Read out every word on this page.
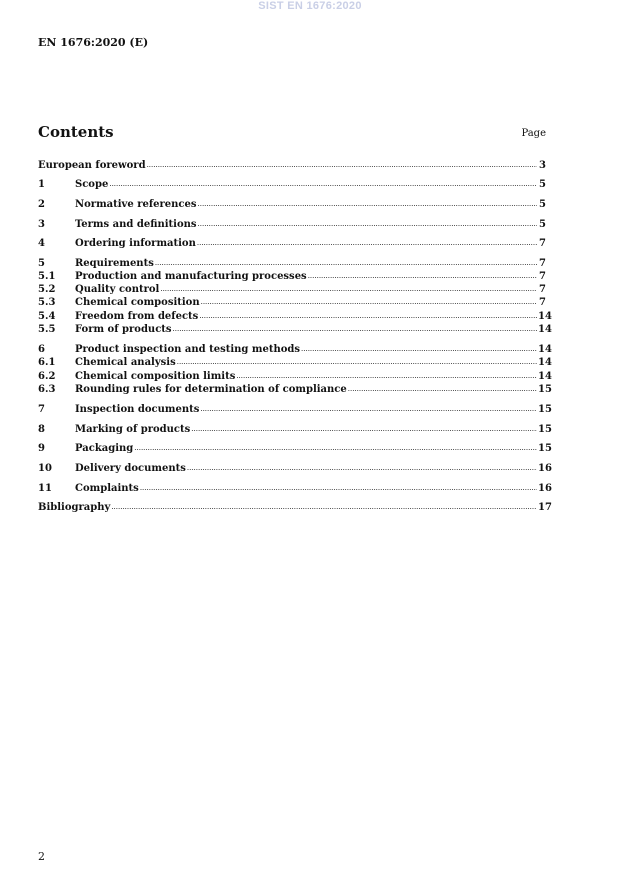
SIST EN 1676:2020
EN 1676:2020 (E)
Contents	Page
European foreword .....	3
1	Scope .....	5
2	Normative references .....	5
3	Terms and definitions .....	5
4	Ordering information .....	7
5	Requirements .....	7
5.1	Production and manufacturing processes .....	7
5.2	Quality control .....	7
5.3	Chemical composition .....	7
5.4	Freedom from defects .....	14
5.5	Form of products .....	14
6	Product inspection and testing methods .....	14
6.1	Chemical analysis .....	14
6.2	Chemical composition limits .....	14
6.3	Rounding rules for determination of compliance .....	15
7	Inspection documents .....	15
8	Marking of products .....	15
9	Packaging .....	15
10	Delivery documents .....	16
11	Complaints .....	16
Bibliography .....	17
2
